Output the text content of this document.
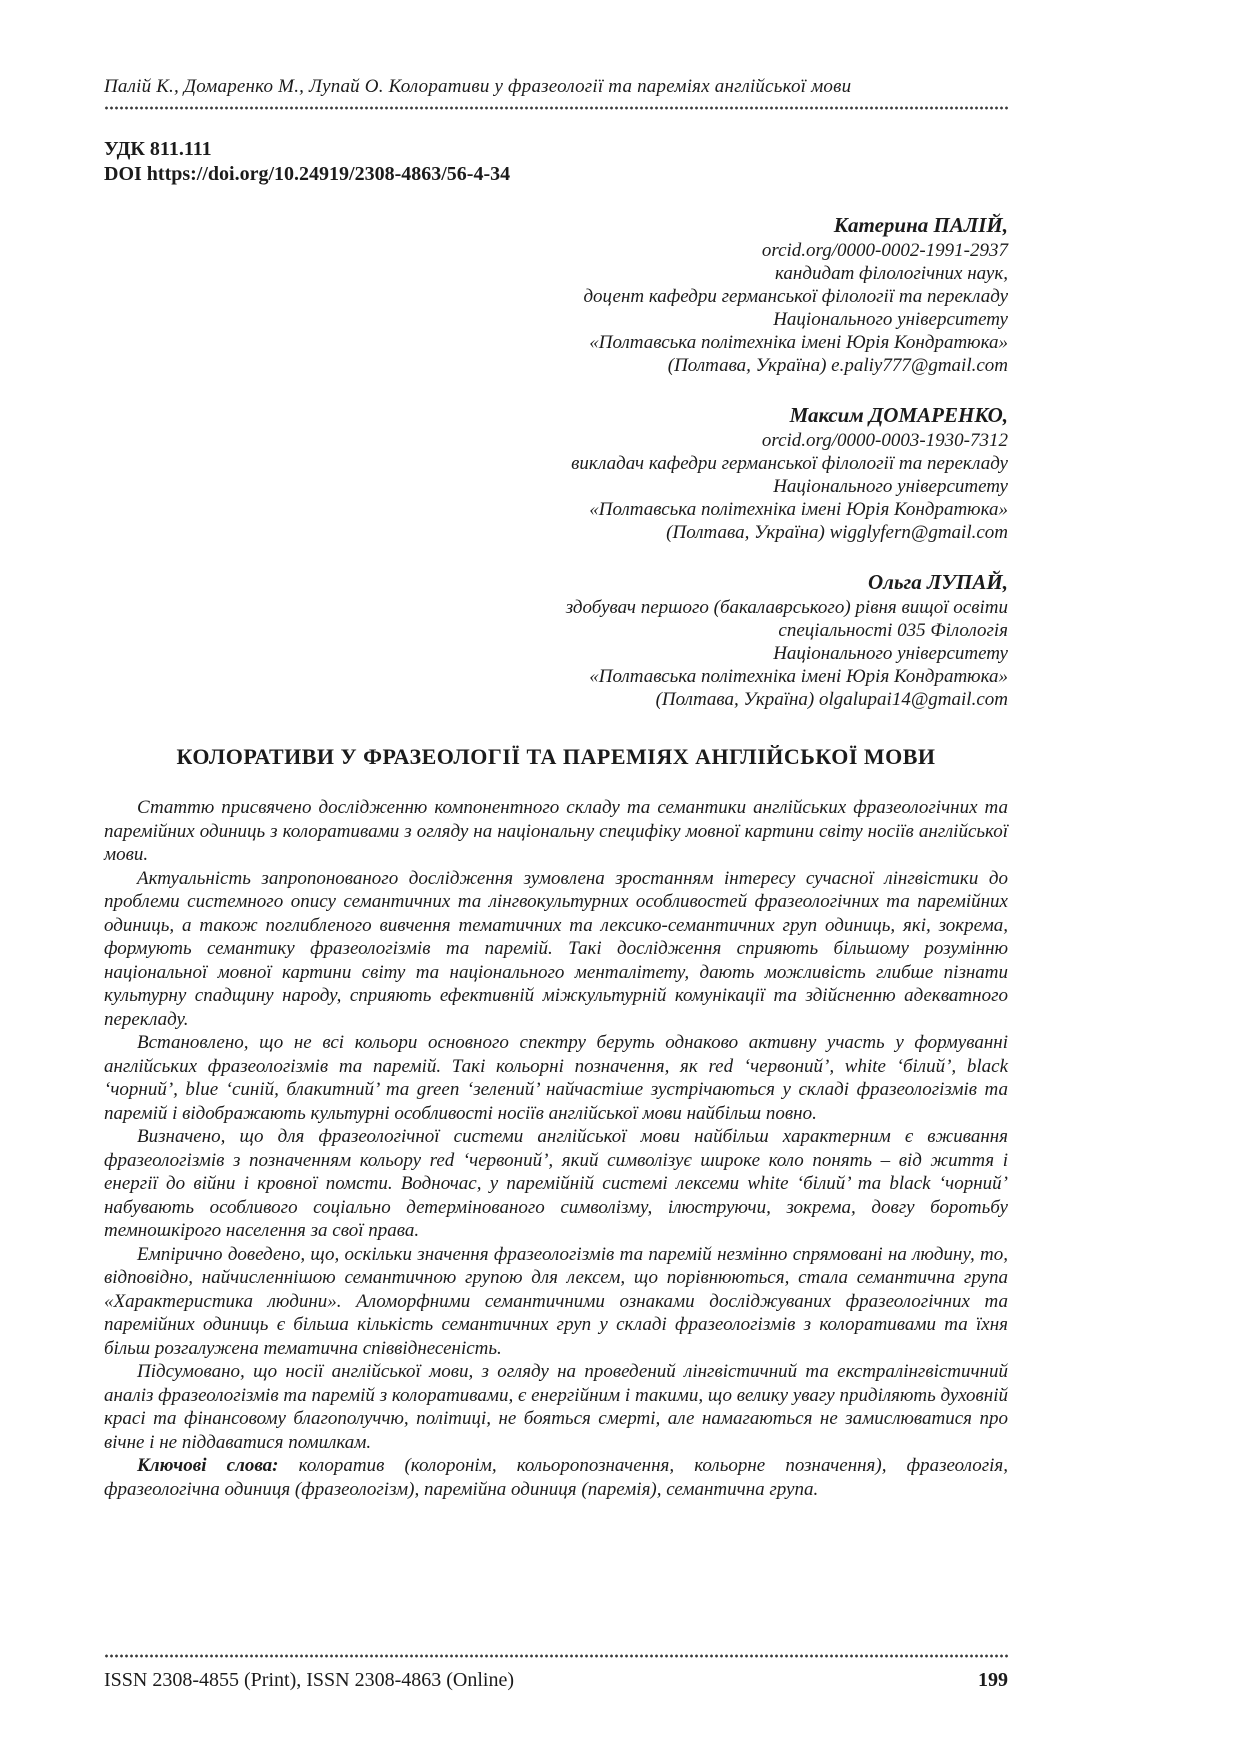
Палій К., Домаренко М., Лупай О. Колоративи у фразеології та пареміях англійської мови
УДК 811.111
DOI https://doi.org/10.24919/2308-4863/56-4-34
Катерина ПАЛІЙ,
orcid.org/0000-0002-1991-2937
кандидат філологічних наук,
доцент кафедри германської філології та перекладу
Національного університету
«Полтавська політехніка імені Юрія Кондратюка»
(Полтава, Україна) e.paliy777@gmail.com
Максим ДОМАРЕНКО,
orcid.org/0000-0003-1930-7312
викладач кафедри германської філології та перекладу
Національного університету
«Полтавська політехніка імені Юрія Кондратюка»
(Полтава, Україна) wigglyfern@gmail.com
Ольга ЛУПАЙ,
здобувач першого (бакалаврського) рівня вищої освіти
спеціальності 035 Філологія
Національного університету
«Полтавська політехніка імені Юрія Кондратюка»
(Полтава, Україна) olgalupai14@gmail.com
КОЛОРАТИВИ У ФРАЗЕОЛОГІЇ ТА ПАРЕМІЯХ АНГЛІЙСЬКОЇ МОВИ

Статтю присвячено дослідженню компонентного складу та семантики англійських фразеологічних та паремійних одиниць з колоративами з огляду на національну специфіку мовної картини світу носіїв англійської мови.

Актуальність запропонованого дослідження зумовлена зростанням інтересу сучасної лінгвістики до проблеми системного опису семантичних та лінгвокультурних особливостей фразеологічних та паремійних одиниць, а також поглибленого вивчення тематичних та лексико-семантичних груп одиниць, які, зокрема, формують семантику фразеологізмів та паремій. Такі дослідження сприяють більшому розумінню національної мовної картини світу та національного менталітету, дають можливість глибше пізнати культурну спадщину народу, сприяють ефективній міжкультурній комунікації та здійсненню адекватного перекладу.

Встановлено, що не всі кольори основного спектру беруть однаково активну участь у формуванні англійських фразеологізмів та паремій. Такі кольорні позначення, як red ‘червоний’, white ‘білий’, black ‘чорний’, blue ‘синій, блакитний’ та green ‘зелений’ найчастіше зустрічаються у складі фразеологізмів та паремій і відображають культурні особливості носіїв англійської мови найбільш повно.

Визначено, що для фразеологічної системи англійської мови найбільш характерним є вживання фразеологізмів з позначенням кольору red ‘червоний’, який символізує широке коло понять – від життя і енергії до війни і кровної помсти. Водночас, у паремійній системі лексеми white ‘білий’ та black ‘чорний’ набувають особливого соціально детермінованого символізму, ілюструючи, зокрема, довгу боротьбу темношкірого населення за свої права.

Емпірично доведено, що, оскільки значення фразеологізмів та паремій незмінно спрямовані на людину, то, відповідно, найчисленнішою семантичною групою для лексем, що порівнюються, стала семантична група «Характеристика людини». Аломорфними семантичними ознаками досліджуваних фразеологічних та паремійних одиниць є більша кількість семантичних груп у складі фразеологізмів з колоративами та їхня більш розгалужена тематична співвіднесеність.

Підсумовано, що носії англійської мови, з огляду на проведений лінгвістичний та екстралінгвістичний аналіз фразеологізмів та паремій з колоративами, є енергійним і такими, що велику увагу приділяють духовній красі та фінансовому благополуччю, політиці, не бояться смерті, але намагаються не замислюватися про вічне і не піддаватися помилкам.

Ключові слова: колоратив (колоронім, кольоропозначення, кольорне позначення), фразеологія, фразеологічна одиниця (фразеологізм), паремійна одиниця (паремія), семантична група.

ISSN 2308-4855 (Print), ISSN 2308-4863 (Online)	199
